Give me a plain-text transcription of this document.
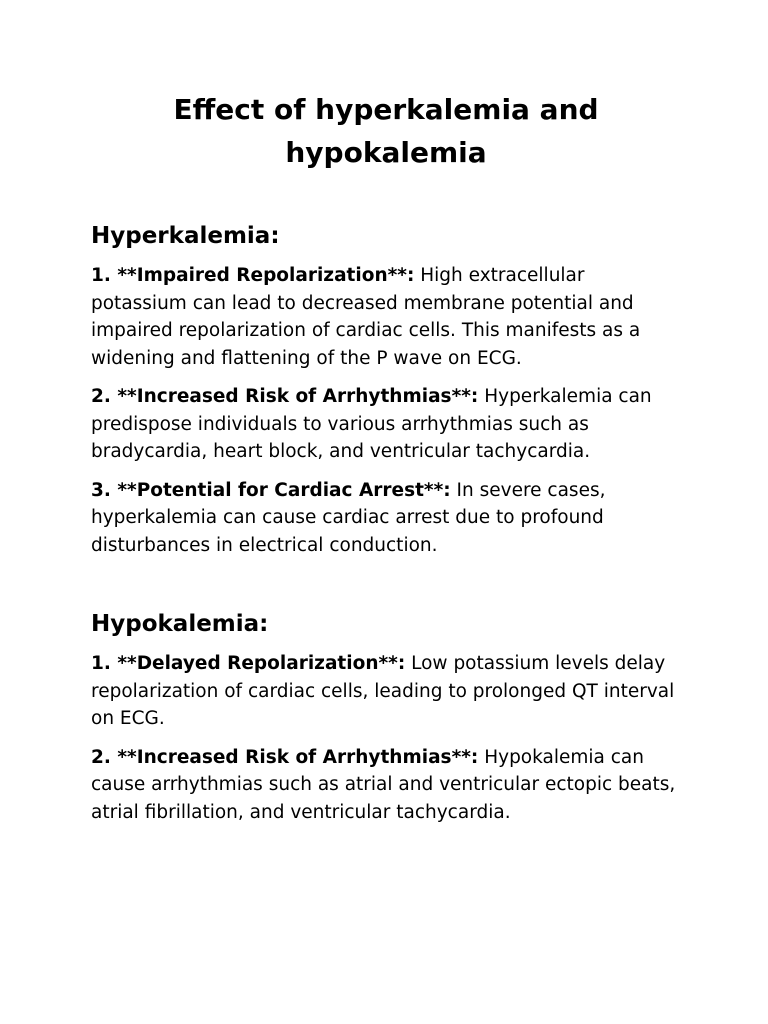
Effect of hyperkalemia and
hypokalemia
Hyperkalemia:

1. **Impaired Repolarization**: High extracellular potassium can lead to decreased membrane potential and impaired repolarization of cardiac cells. This manifests as a widening and flattening of the P wave on ECG.

2. **Increased Risk of Arrhythmias**: Hyperkalemia can predispose individuals to various arrhythmias such as bradycardia, heart block, and ventricular tachycardia.

3. **Potential for Cardiac Arrest**: In severe cases, hyperkalemia can cause cardiac arrest due to profound disturbances in electrical conduction.

Hypokalemia:

1. **Delayed Repolarization**: Low potassium levels delay repolarization of cardiac cells, leading to prolonged QT interval on ECG.

2. **Increased Risk of Arrhythmias**: Hypokalemia can cause arrhythmias such as atrial and ventricular ectopic beats, atrial fibrillation, and ventricular tachycardia.
